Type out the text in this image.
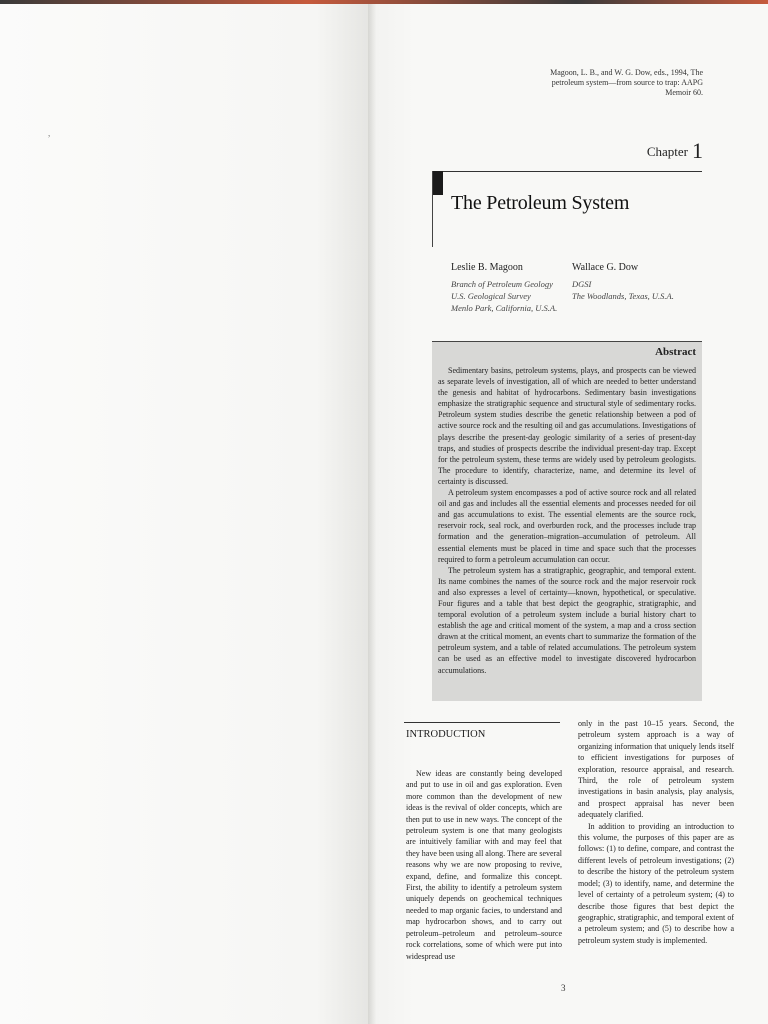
,
Magoon, L. B., and W. G. Dow, eds., 1994, The petroleum system—from source to trap: AAPG Memoir 60.
Chapter 1
The Petroleum System
Leslie B. Magoon
Branch of Petroleum Geology
U.S. Geological Survey
Menlo Park, California, U.S.A.
Wallace G. Dow
DGSI
The Woodlands, Texas, U.S.A.
Abstract

Sedimentary basins, petroleum systems, plays, and prospects can be viewed as separate levels of investigation, all of which are needed to better understand the genesis and habitat of hydrocarbons. Sedimentary basin investigations emphasize the stratigraphic sequence and structural style of sedimentary rocks. Petroleum system studies describe the genetic relationship between a pod of active source rock and the resulting oil and gas accumulations. Investigations of plays describe the present-day geologic similarity of a series of present-day traps, and studies of prospects describe the individual present-day trap. Except for the petroleum system, these terms are widely used by petroleum geologists. The procedure to identify, characterize, name, and determine its level of certainty is discussed.

A petroleum system encompasses a pod of active source rock and all related oil and gas and includes all the essential elements and processes needed for oil and gas accumulations to exist. The essential elements are the source rock, reservoir rock, seal rock, and overburden rock, and the processes include trap formation and the generation–migration–accumulation of petroleum. All essential elements must be placed in time and space such that the processes required to form a petroleum accumulation can occur.

The petroleum system has a stratigraphic, geographic, and temporal extent. Its name combines the names of the source rock and the major reservoir rock and also expresses a level of certainty—known, hypothetical, or speculative. Four figures and a table that best depict the geographic, stratigraphic, and temporal evolution of a petroleum system include a burial history chart to establish the age and critical moment of the system, a map and a cross section drawn at the critical moment, an events chart to summarize the formation of the petroleum system, and a table of related accumulations. The petroleum system can be used as an effective model to investigate discovered hydrocarbon accumulations.

INTRODUCTION

New ideas are constantly being developed and put to use in oil and gas exploration. Even more common than the development of new ideas is the revival of older concepts, which are then put to use in new ways. The concept of the petroleum system is one that many geologists are intuitively familiar with and may feel that they have been using all along. There are several reasons why we are now proposing to revive, expand, define, and formalize this concept. First, the ability to identify a petroleum system uniquely depends on geochemical techniques needed to map organic facies, to understand and map hydrocarbon shows, and to carry out petroleum–petroleum and petroleum–source rock correlations, some of which were put into widespread use

only in the past 10–15 years. Second, the petroleum system approach is a way of organizing information that uniquely lends itself to efficient investigations for purposes of exploration, resource appraisal, and research. Third, the role of petroleum system investigations in basin analysis, play analysis, and prospect appraisal has never been adequately clarified.

In addition to providing an introduction to this volume, the purposes of this paper are as follows: (1) to define, compare, and contrast the different levels of petroleum investigations; (2) to describe the history of the petroleum system model; (3) to identify, name, and determine the level of certainty of a petroleum system; (4) to describe those figures that best depict the geographic, stratigraphic, and temporal extent of a petroleum system; and (5) to describe how a petroleum system study is implemented.

3
